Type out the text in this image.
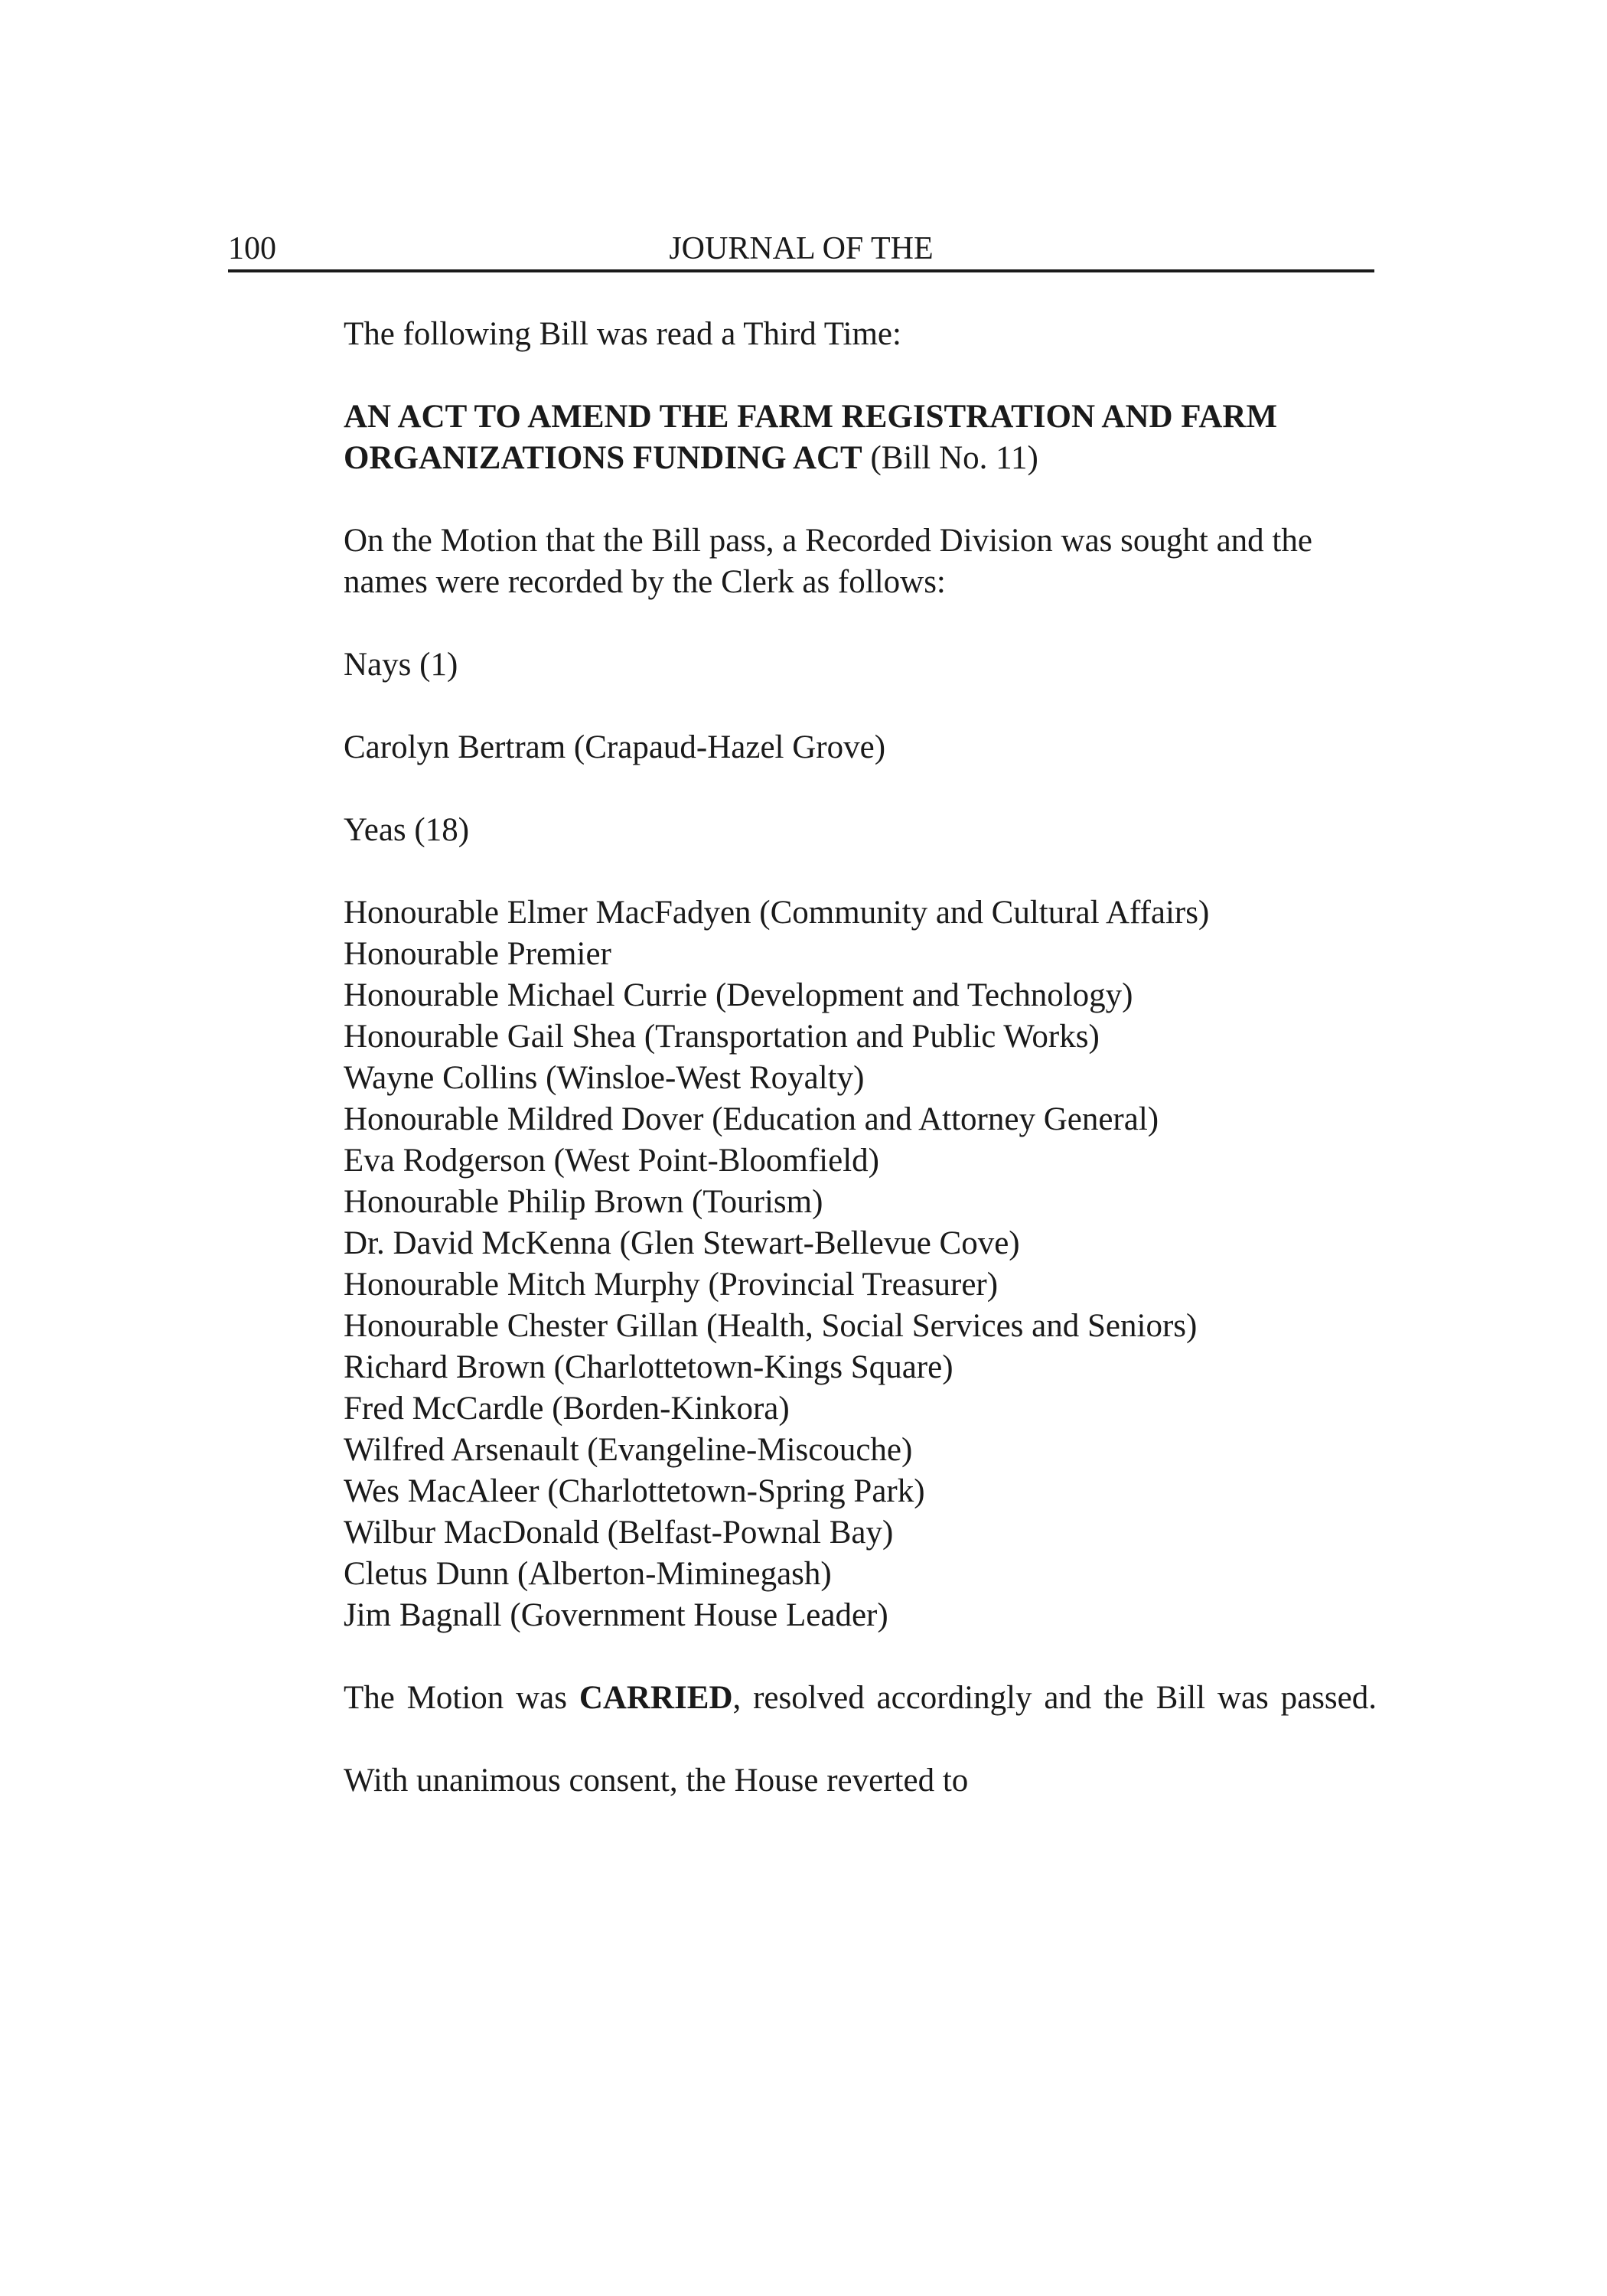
100	JOURNAL OF THE

The following Bill was read a Third Time:

AN ACT TO AMEND THE FARM REGISTRATION AND FARM ORGANIZATIONS FUNDING ACT (Bill No. 11)

On the Motion that the Bill pass, a Recorded Division was sought and the names were recorded by the Clerk as follows:

Nays (1)

Carolyn Bertram (Crapaud-Hazel Grove)

Yeas (18)

Honourable Elmer MacFadyen (Community and Cultural Affairs)
Honourable Premier
Honourable Michael Currie (Development and Technology)
Honourable Gail Shea (Transportation and Public Works)
Wayne Collins (Winsloe-West Royalty)
Honourable Mildred Dover (Education and Attorney General)
Eva Rodgerson (West Point-Bloomfield)
Honourable Philip Brown (Tourism)
Dr. David McKenna (Glen Stewart-Bellevue Cove)
Honourable Mitch Murphy (Provincial Treasurer)
Honourable Chester Gillan (Health, Social Services and Seniors)
Richard Brown (Charlottetown-Kings Square)
Fred McCardle (Borden-Kinkora)
Wilfred Arsenault (Evangeline-Miscouche)
Wes MacAleer (Charlottetown-Spring Park)
Wilbur MacDonald (Belfast-Pownal Bay)
Cletus Dunn (Alberton-Miminegash)
Jim Bagnall (Government House Leader)

The Motion was CARRIED, resolved accordingly and the Bill was passed.

With unanimous consent, the House reverted to
